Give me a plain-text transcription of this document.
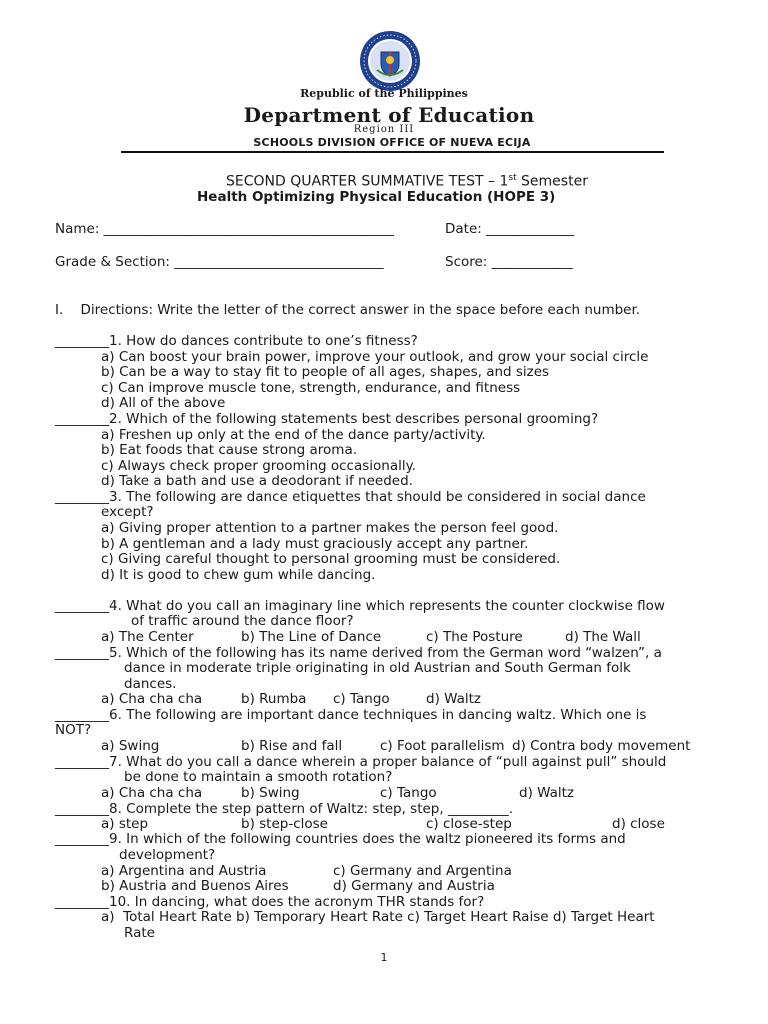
Republic of the Philippines
Department of Education
Region III
SCHOOLS DIVISION OFFICE OF NUEVA ECIJA
SECOND QUARTER SUMMATIVE TEST – 1st Semester
Health Optimizing Physical Education (HOPE 3)
Name: ___________________________________________	Date: _____________
Grade & Section: _______________________________	Score: ____________
I.    Directions: Write the letter of the correct answer in the space before each number.
________1. How do dances contribute to one’s fitness?
a) Can boost your brain power, improve your outlook, and grow your social circle
b) Can be a way to stay fit to people of all ages, shapes, and sizes
c) Can improve muscle tone, strength, endurance, and fitness
d) All of the above
________2. Which of the following statements best describes personal grooming?
a) Freshen up only at the end of the dance party/activity.
b) Eat foods that cause strong aroma.
c) Always check proper grooming occasionally.
d) Take a bath and use a deodorant if needed.
________3. The following are dance etiquettes that should be considered in social dance
except?
a) Giving proper attention to a partner makes the person feel good.
b) A gentleman and a lady must graciously accept any partner.
c) Giving careful thought to personal grooming must be considered.
d) It is good to chew gum while dancing.
________4. What do you call an imaginary line which represents the counter clockwise flow
of traffic around the dance floor?
a) The Center	b) The Line of Dance	c) The Posture	d) The Wall
________5. Which of the following has its name derived from the German word “walzen”, a
dance in moderate triple originating in old Austrian and South German folk
dances.
a) Cha cha cha	b) Rumba c) Tango	d) Waltz
________6. The following are important dance techniques in dancing waltz. Which one is
NOT?
a) Swing	b) Rise and fall	c) Foot parallelism d) Contra body movement
________7. What do you call a dance wherein a proper balance of “pull against pull” should
be done to maintain a smooth rotation?
a) Cha cha cha	b) Swing	c) Tango	d) Waltz
________8. Complete the step pattern of Waltz: step, step, _________.
a) step	b) step-close	c) close-step	d) close
________9. In which of the following countries does the waltz pioneered its forms and
development?
a) Argentina and Austria	c) Germany and Argentina
b) Austria and Buenos Aires	d) Germany and Austria
________10. In dancing, what does the acronym THR stands for?
a)  Total Heart Rate b) Temporary Heart Rate c) Target Heart Raise d) Target Heart
Rate
1
